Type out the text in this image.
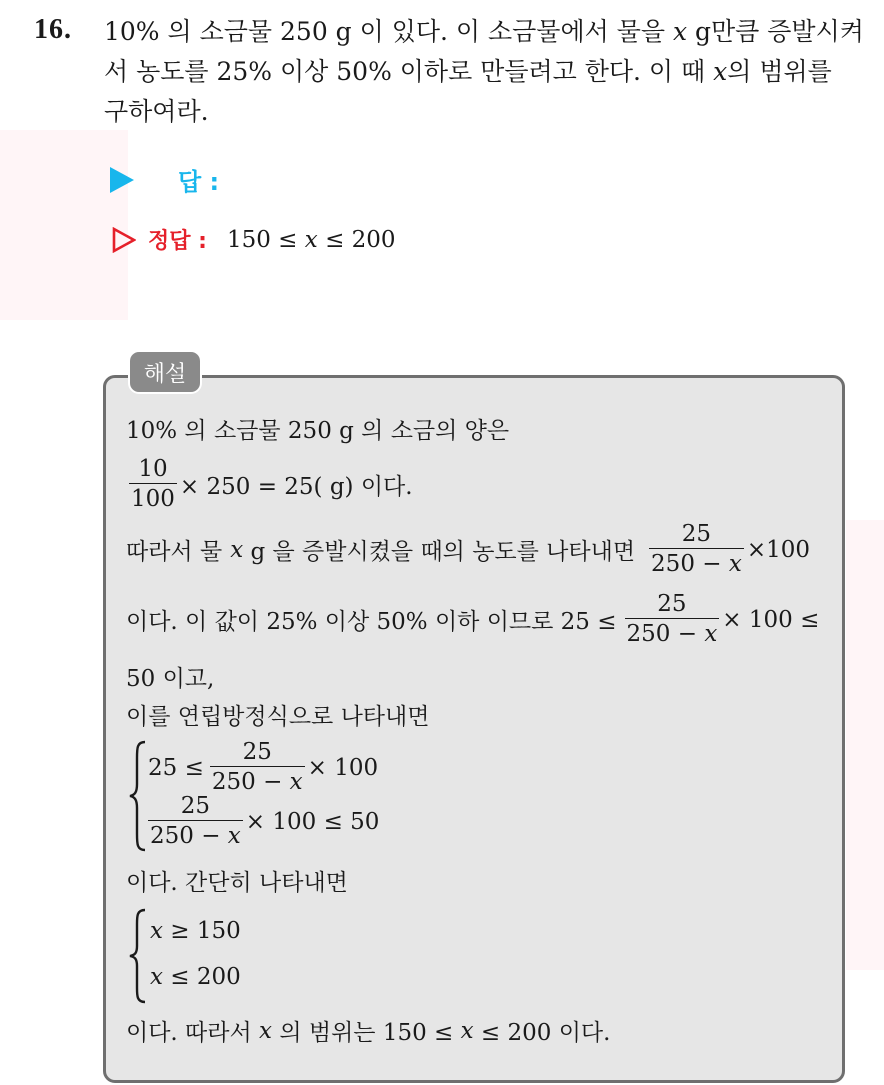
16. 10% 의 소금물 250 g 이 있다. 이 소금물에서 물을 x g만큼 증발시켜
서 농도를 25% 이상 50% 이하로 만들려고 한다. 이 때 x의 범위를
구하여라.
답 :
정답 : 150 ≤ x ≤ 200
해설
10% 의 소금물 250 g 의 소금의 양은
$\frac{10}{100} \times 250 = 25$( g) 이다.
따라서 물 x
g 을 증발시켰을 때의 농도를 나타내면 $\frac{25}{250 - x} \times 100$
이다. 이 값이 25% 이상 50% 이하 이므로 $25 \le \frac{25}{250 - x} \times 100$ ≤
50 이고,
이를 연립방정식으로 나타내면
$25 \le \frac{25}{250 - x} \times 100$
$\frac{25}{250 - x} \times 100 \le 50$
이다. 간단히 나타내면
x
≥ 150
x
≤ 200
이다. 따라서
x
의 범위는 150 ≤
x
≤ 200 이다.
